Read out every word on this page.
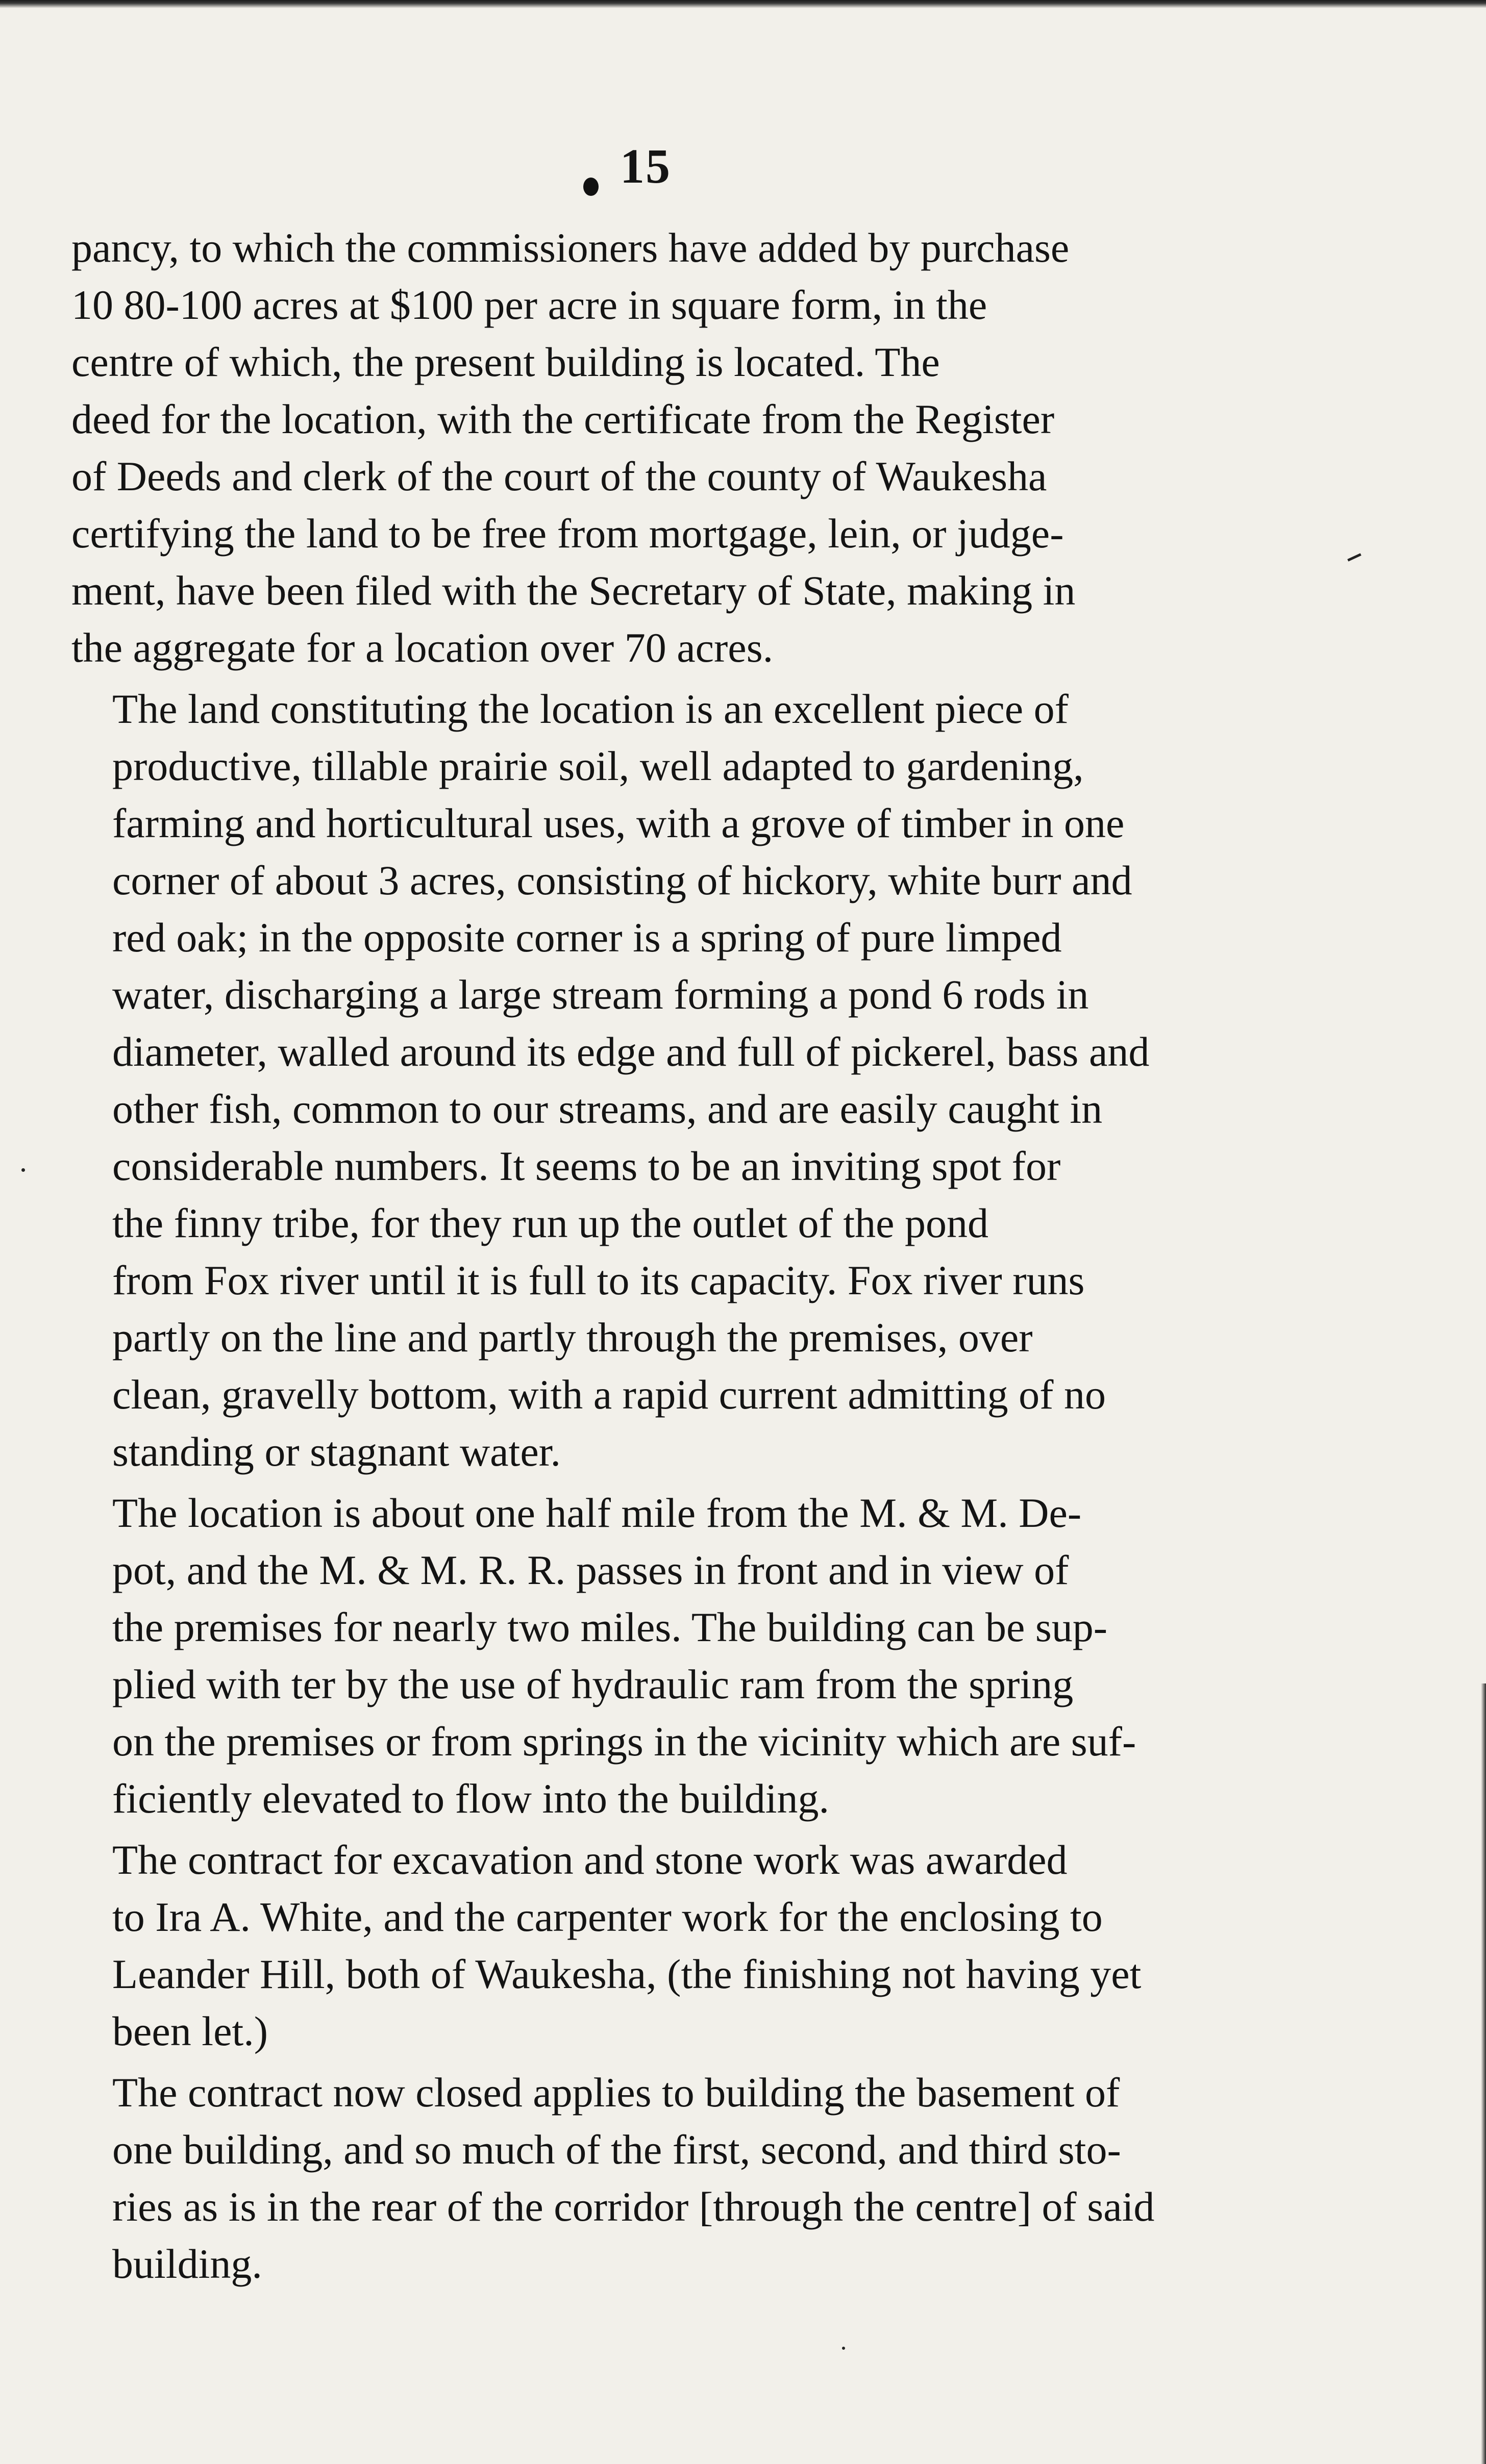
15

pancy, to which the commissioners have added by purchase
10 80-100 acres at $100 per acre in square form, in the
centre of which, the present building is located. The
deed for the location, with the certificate from the Register
of Deeds and clerk of the court of the county of Waukesha
certifying the land to be free from mortgage, lein, or judge-
ment, have been filed with the Secretary of State, making in
the aggregate for a location over 70 acres.

The land constituting the location is an excellent piece of
productive, tillable prairie soil, well adapted to gardening,
farming and horticultural uses, with a grove of timber in one
corner of about 3 acres, consisting of hickory, white burr and
red oak; in the opposite corner is a spring of pure limped
water, discharging a large stream forming a pond 6 rods in
diameter, walled around its edge and full of pickerel, bass and
other fish, common to our streams, and are easily caught in
considerable numbers. It seems to be an inviting spot for
the finny tribe, for they run up the outlet of the pond
from Fox river until it is full to its capacity. Fox river runs
partly on the line and partly through the premises, over
clean, gravelly bottom, with a rapid current admitting of no
standing or stagnant water.

The location is about one half mile from the M. & M. De-
pot, and the M. & M. R. R. passes in front and in view of
the premises for nearly two miles. The building can be sup-
plied with ter by the use of hydraulic ram from the spring
on the premises or from springs in the vicinity which are suf-
ficiently elevated to flow into the building.

The contract for excavation and stone work was awarded
to Ira A. White, and the carpenter work for the enclosing to
Leander Hill, both of Waukesha, (the finishing not having yet
been let.)

The contract now closed applies to building the basement of
one building, and so much of the first, second, and third sto-
ries as is in the rear of the corridor [through the centre] of said
building.
